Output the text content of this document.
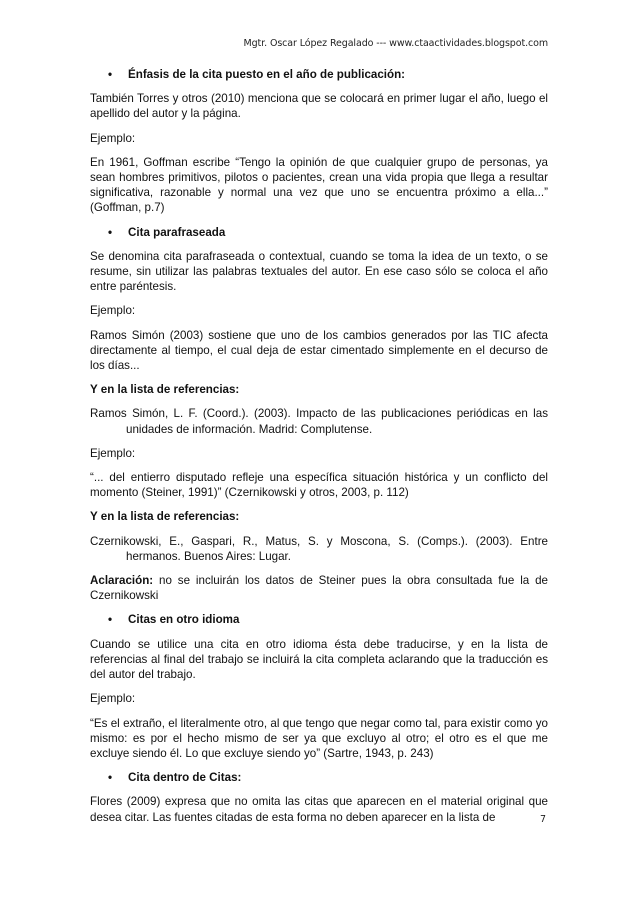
Mgtr. Oscar López Regalado --- www.ctaactividades.blogspot.com
•	Énfasis de la cita puesto en el año de publicación:

También Torres y otros (2010) menciona que se colocará en primer lugar el año, luego el apellido del autor y la página.

Ejemplo:

En 1961, Goffman escribe “Tengo la opinión de que cualquier grupo de personas, ya sean hombres primitivos, pilotos o pacientes, crean una vida propia que llega a resultar significativa, razonable y normal una vez que uno se encuentra próximo a ella...” (Goffman, p.7)

•	Cita parafraseada

Se denomina cita parafraseada o contextual, cuando se toma la idea de un texto, o se resume, sin utilizar las palabras textuales del autor. En ese caso sólo se coloca el año entre paréntesis.

Ejemplo:

Ramos Simón (2003) sostiene que uno de los cambios generados por las TIC afecta directamente al tiempo, el cual deja de estar cimentado simplemente en el decurso de los días...

Y en la lista de referencias:

Ramos Simón, L. F. (Coord.). (2003). Impacto de las publicaciones periódicas en las unidades de información. Madrid: Complutense.

Ejemplo:

“... del entierro disputado refleje una específica situación histórica y un conflicto del momento (Steiner, 1991)” (Czernikowski y otros, 2003, p. 112)

Y en la lista de referencias:

Czernikowski, E., Gaspari, R., Matus, S. y Moscona, S. (Comps.). (2003). Entre hermanos. Buenos Aires: Lugar.

Aclaración: no se incluirán los datos de Steiner pues la obra consultada fue la de Czernikowski

•	Citas en otro idioma

Cuando se utilice una cita en otro idioma ésta debe traducirse, y en la lista de referencias al final del trabajo se incluirá la cita completa aclarando que la traducción es del autor del trabajo.

Ejemplo:

“Es el extraño, el literalmente otro, al que tengo que negar como tal, para existir como yo mismo: es por el hecho mismo de ser ya que excluyo al otro; el otro es el que me excluye siendo él. Lo que excluye siendo yo” (Sartre, 1943, p. 243)

•	Cita dentro de Citas:

Flores (2009) expresa que no omita las citas que aparecen en el material original que desea citar. Las fuentes citadas de esta forma no deben aparecer en la lista de	7
